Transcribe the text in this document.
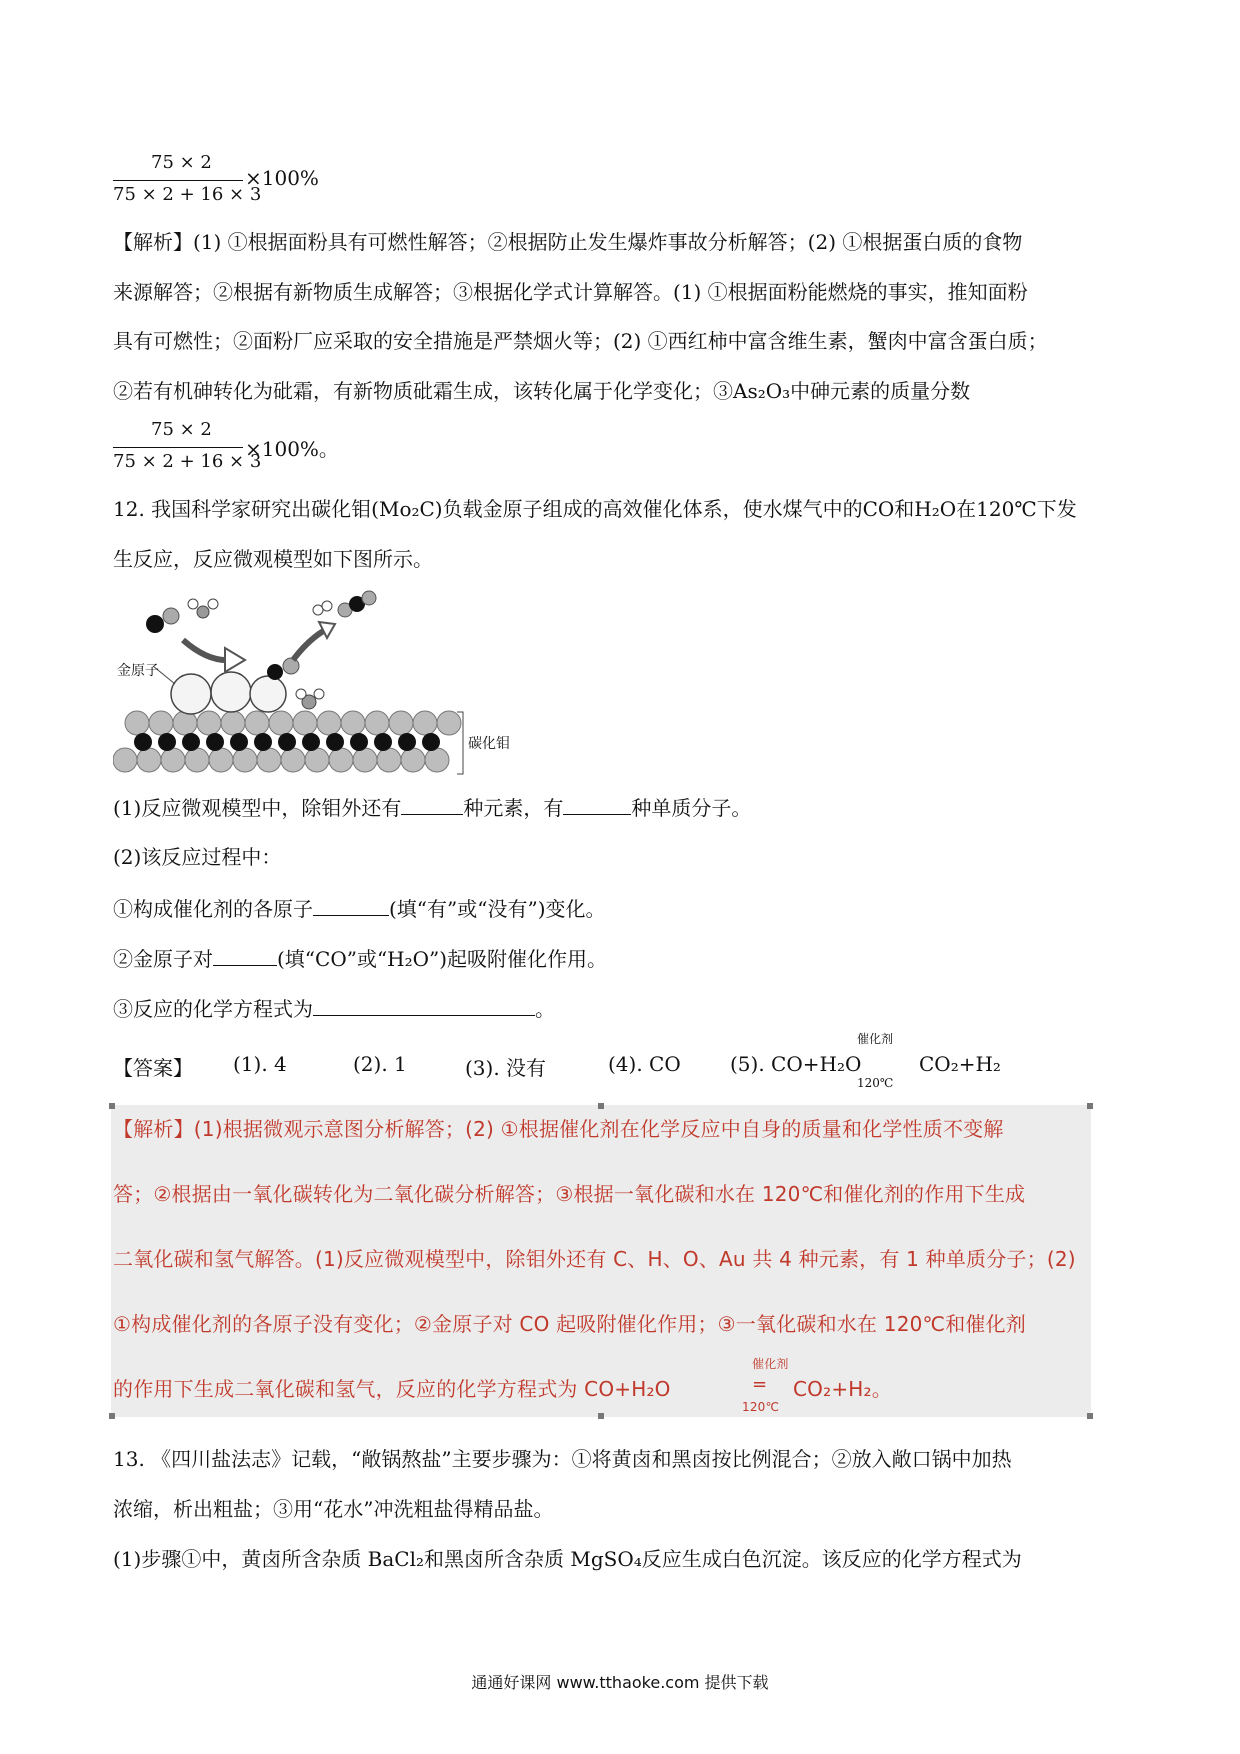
75 × 2
75 × 2 + 16 × 3
×100%
【解析】(1) ①根据面粉具有可燃性解答；②根据防止发生爆炸事故分析解答；(2) ①根据蛋白质的食物
来源解答；②根据有新物质生成解答；③根据化学式计算解答。(1) ①根据面粉能燃烧的事实，推知面粉
具有可燃性；②面粉厂应采取的安全措施是严禁烟火等；(2) ①西红柿中富含维生素，蟹肉中富含蛋白质；
②若有机砷转化为砒霜，有新物质砒霜生成，该转化属于化学变化；③As₂O₃中砷元素的质量分数
75 × 2
75 × 2 + 16 × 3
×100%。
12. 我国科学家研究出碳化钼(Mo₂C)负载金原子组成的高效催化体系，使水煤气中的CO和H₂O在120℃下发
生反应，反应微观模型如下图所示。
金原子
碳化钼
(1)反应微观模型中，除钼外还有	种元素，有	种单质分子。
(2)该反应过程中：
①构成催化剂的各原子	(填“有”或“没有”)变化。
②金原子对	(填“CO”或“H₂O”)起吸附催化作用。
③反应的化学方程式为	。
【答案】 (1). 4	(2). 1	(3). 没有	(4). CO (5). CO+H₂O
催化剂
120℃
CO₂+H₂
【解析】(1)根据微观示意图分析解答；(2) ①根据催化剂在化学反应中自身的质量和化学性质不变解
答；②根据由一氧化碳转化为二氧化碳分析解答；③根据一氧化碳和水在 120℃和催化剂的作用下生成
二氧化碳和氢气解答。(1)反应微观模型中，除钼外还有 C、H、O、Au 共 4 种元素，有 1 种单质分子；(2)
①构成催化剂的各原子没有变化；②金原子对 CO 起吸附催化作用；③一氧化碳和水在 120℃和催化剂
的作用下生成二氧化碳和氢气，反应的化学方程式为 CO+H₂O
催化剂
=
120℃
CO₂+H₂。
13. 《四川盐法志》记载，“敞锅熬盐”主要步骤为：①将黄卤和黑卤按比例混合；②放入敞口锅中加热
浓缩，析出粗盐；③用“花水”冲洗粗盐得精品盐。
(1)步骤①中，黄卤所含杂质 BaCl₂和黑卤所含杂质 MgSO₄反应生成白色沉淀。该反应的化学方程式为
通通好课网 www.tthaoke.com 提供下载
